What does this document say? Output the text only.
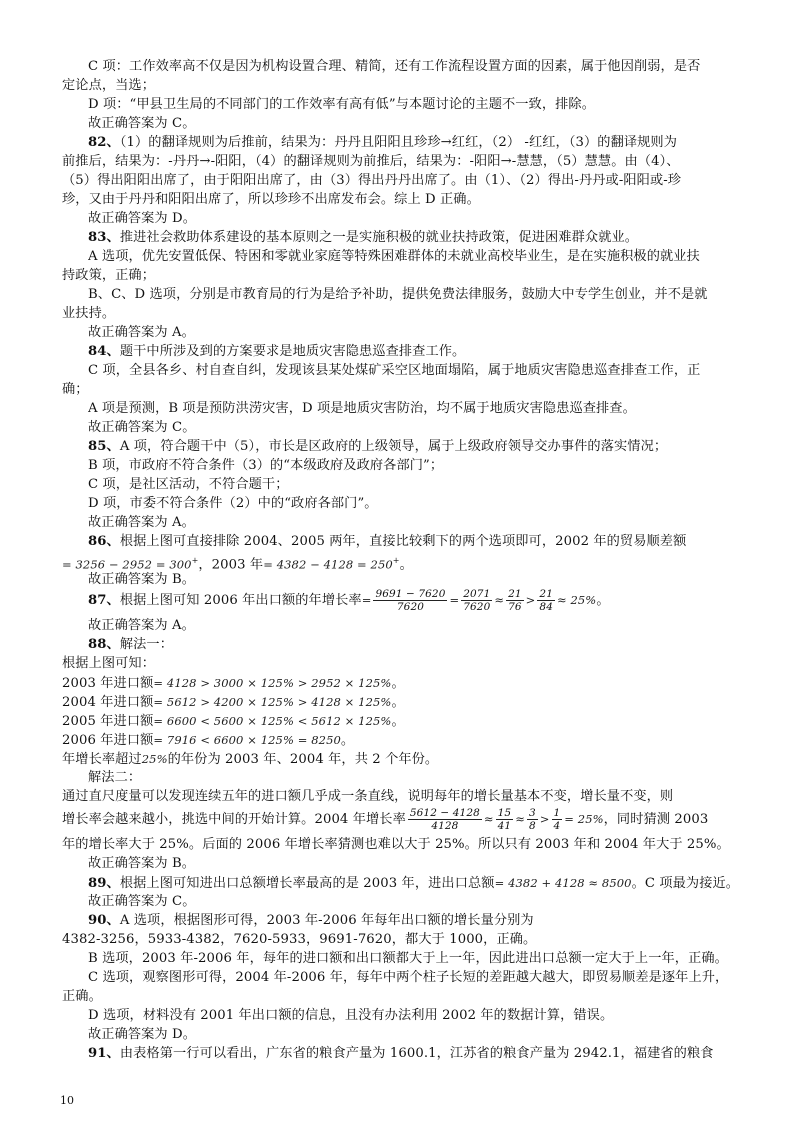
C 项：工作效率高不仅是因为机构设置合理、精简，还有工作流程设置方面的因素，属于他因削弱，是否
定论点，当选；
D 项：“甲县卫生局的不同部门的工作效率有高有低”与本题讨论的主题不一致，排除。
故正确答案为 C。
82、（1）的翻译规则为后推前，结果为：丹丹且阳阳且珍珍→红红，（2） -红红，（3）的翻译规则为
前推后，结果为：-丹丹→-阳阳，（4）的翻译规则为前推后，结果为：-阳阳→-慧慧，（5）慧慧。由（4）、
（5）得出阳阳出席了，由于阳阳出席了，由（3）得出丹丹出席了。由（1）、（2）得出-丹丹或-阳阳或-珍
珍，又由于丹丹和阳阳出席了，所以珍珍不出席发布会。综上 D 正确。
故正确答案为 D。
83、推进社会救助体系建设的基本原则之一是实施积极的就业扶持政策，促进困难群众就业。
A 选项，优先安置低保、特困和零就业家庭等特殊困难群体的未就业高校毕业生，是在实施积极的就业扶
持政策，正确；
B、C、D 选项，分别是市教育局的行为是给予补助，提供免费法律服务，鼓励大中专学生创业，并不是就
业扶持。
故正确答案为 A。
84、题干中所涉及到的方案要求是地质灾害隐患巡查排查工作。
C 项，全县各乡、村自查自纠，发现该县某处煤矿采空区地面塌陷，属于地质灾害隐患巡查排查工作，正
确；
A 项是预测，B 项是预防洪涝灾害，D 项是地质灾害防治，均不属于地质灾害隐患巡查排查。
故正确答案为 C。
85、A 项，符合题干中（5），市长是区政府的上级领导，属于上级政府领导交办事件的落实情况；
B 项，市政府不符合条件（3）的“本级政府及政府各部门”；
C 项，是社区活动，不符合题干；
D 项，市委不符合条件（2）中的“政府各部门”。
故正确答案为 A。
86、根据上图可直接排除 2004、2005 两年，直接比较剩下的两个选项即可，2002 年的贸易顺差额
= 3256 − 2952 = 300+，2003 年= 4382 − 4128 = 250+。
故正确答案为 B。
87、根据上图可知 2006 年出口额的年增长率= $\frac{9691 - 7620}{7620} = \frac{2071}{7620} \approx \frac{21}{76} > \frac{21}{84} \approx 25\%$。
故正确答案为 A。
88、解法一：
根据上图可知：
2003 年进口额= 4128 > 3000 × 125% > 2952 × 125%。
2004 年进口额= 5612 > 4200 × 125% > 4128 × 125%。
2005 年进口额= 6600 < 5600 × 125% < 5612 × 125%。
2006 年进口额= 7916 < 6600 × 125% = 8250。
年增长率超过25%的年份为 2003 年、2004 年，共 2 个年份。
解法二：
通过直尺度量可以发现连续五年的进口额几乎成一条直线，说明每年的增长量基本不变，增长量不变，则
增长率会越来越小，挑选中间的开始计算。2004 年增长率 $\frac{5612 - 4128}{4128} \approx \frac{15}{41} \approx \frac{3}{8} > \frac{1}{4} = 25\%$，同时猜测 2003
年的增长率大于 25%。后面的 2006 年增长率猜测也难以大于 25%。所以只有 2003 年和 2004 年大于 25%。
故正确答案为 B。
89、根据上图可知进出口总额增长率最高的是 2003 年，进出口总额= 4382 + 4128 ≈ 8500。C 项最为接近。
故正确答案为 C。
90、A 选项，根据图形可得，2003 年-2006 年每年出口额的增长量分别为
4382-3256，5933-4382，7620-5933，9691-7620，都大于 1000，正确。
B 选项，2003 年-2006 年，每年的进口额和出口额都大于上一年，因此进出口总额一定大于上一年，正确。
C 选项，观察图形可得，2004 年-2006 年，每年中两个柱子长短的差距越大越大，即贸易顺差是逐年上升，
正确。
D 选项，材料没有 2001 年出口额的信息，且没有办法利用 2002 年的数据计算，错误。
故正确答案为 D。
91、由表格第一行可以看出，广东省的粮食产量为 1600.1，江苏省的粮食产量为 2942.1，福建省的粮食
10
